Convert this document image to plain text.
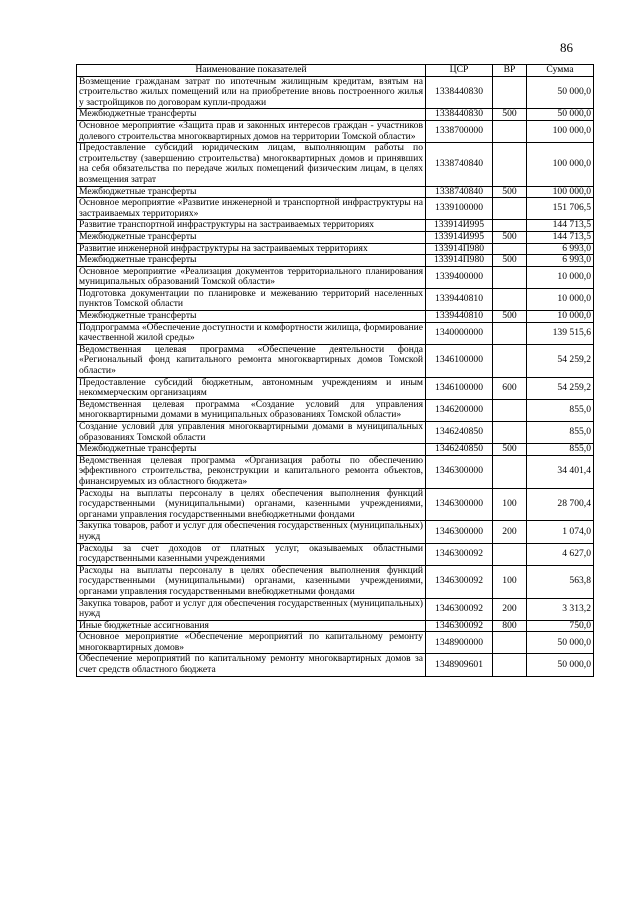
86
Наименование показателей	ЦСР	ВР	Сумма
Возмещение гражданам затрат по ипотечным жилищным кредитам, взятым на строительство жилых помещений или на приобретение вновь построенного жилья у застройщиков по договорам купли-продажи	1338440830		50 000,0
Межбюджетные трансферты	1338440830	500	50 000,0
Основное мероприятие «Защита прав и законных интересов граждан - участников долевого строительства многоквартирных домов на территории Томской области»	1338700000		100 000,0
Предоставление субсидий юридическим лицам, выполняющим работы по строительству (завершению строительства) многоквартирных домов и принявших на себя обязательства по передаче жилых помещений физическим лицам, в целях возмещения затрат	1338740840		100 000,0
Межбюджетные трансферты	1338740840	500	100 000,0
Основное мероприятие «Развитие инженерной и транспортной инфраструктуры на застраиваемых территориях»	1339100000		151 706,5
Развитие транспортной инфраструктуры на застраиваемых территориях	133914И995		144 713,5
Межбюджетные трансферты	133914И995	500	144 713,5
Развитие инженерной инфраструктуры на застраиваемых территориях	133914П980		6 993,0
Межбюджетные трансферты	133914П980	500	6 993,0
Основное мероприятие «Реализация документов территориального планирования муниципальных образований Томской области»	1339400000		10 000,0
Подготовка документации по планировке и межеванию территорий населенных пунктов Томской области	1339440810		10 000,0
Межбюджетные трансферты	1339440810	500	10 000,0
Подпрограмма «Обеспечение доступности и комфортности жилища, формирование качественной жилой среды»	1340000000		139 515,6
Ведомственная целевая программа «Обеспечение деятельности фонда «Региональный фонд капитального ремонта многоквартирных домов Томской области»	1346100000		54 259,2
Предоставление субсидий бюджетным, автономным учреждениям и иным некоммерческим организациям	1346100000	600	54 259,2
Ведомственная целевая программа «Создание условий для управления многоквартирными домами в муниципальных образованиях Томской области»	1346200000		855,0
Создание условий для управления многоквартирными домами в муниципальных образованиях Томской области	1346240850		855,0
Межбюджетные трансферты	1346240850	500	855,0
Ведомственная целевая программа «Организация работы по обеспечению эффективного строительства, реконструкции и капитального ремонта объектов, финансируемых из областного бюджета»	1346300000		34 401,4
Расходы на выплаты персоналу в целях обеспечения выполнения функций государственными (муниципальными) органами, казенными учреждениями, органами управления государственными внебюджетными фондами	1346300000	100	28 700,4
Закупка товаров, работ и услуг для обеспечения государственных (муниципальных) нужд	1346300000	200	1 074,0
Расходы за счет доходов от платных услуг, оказываемых областными государственными казенными учреждениями	1346300092		4 627,0
Расходы на выплаты персоналу в целях обеспечения выполнения функций государственными (муниципальными) органами, казенными учреждениями, органами управления государственными внебюджетными фондами	1346300092	100	563,8
Закупка товаров, работ и услуг для обеспечения государственных (муниципальных) нужд	1346300092	200	3 313,2
Иные бюджетные ассигнования	1346300092	800	750,0
Основное мероприятие «Обеспечение мероприятий по капитальному ремонту многоквартирных домов»	1348900000		50 000,0
Обеспечение мероприятий по капитальному ремонту многоквартирных домов за счет средств областного бюджета	1348909601		50 000,0
